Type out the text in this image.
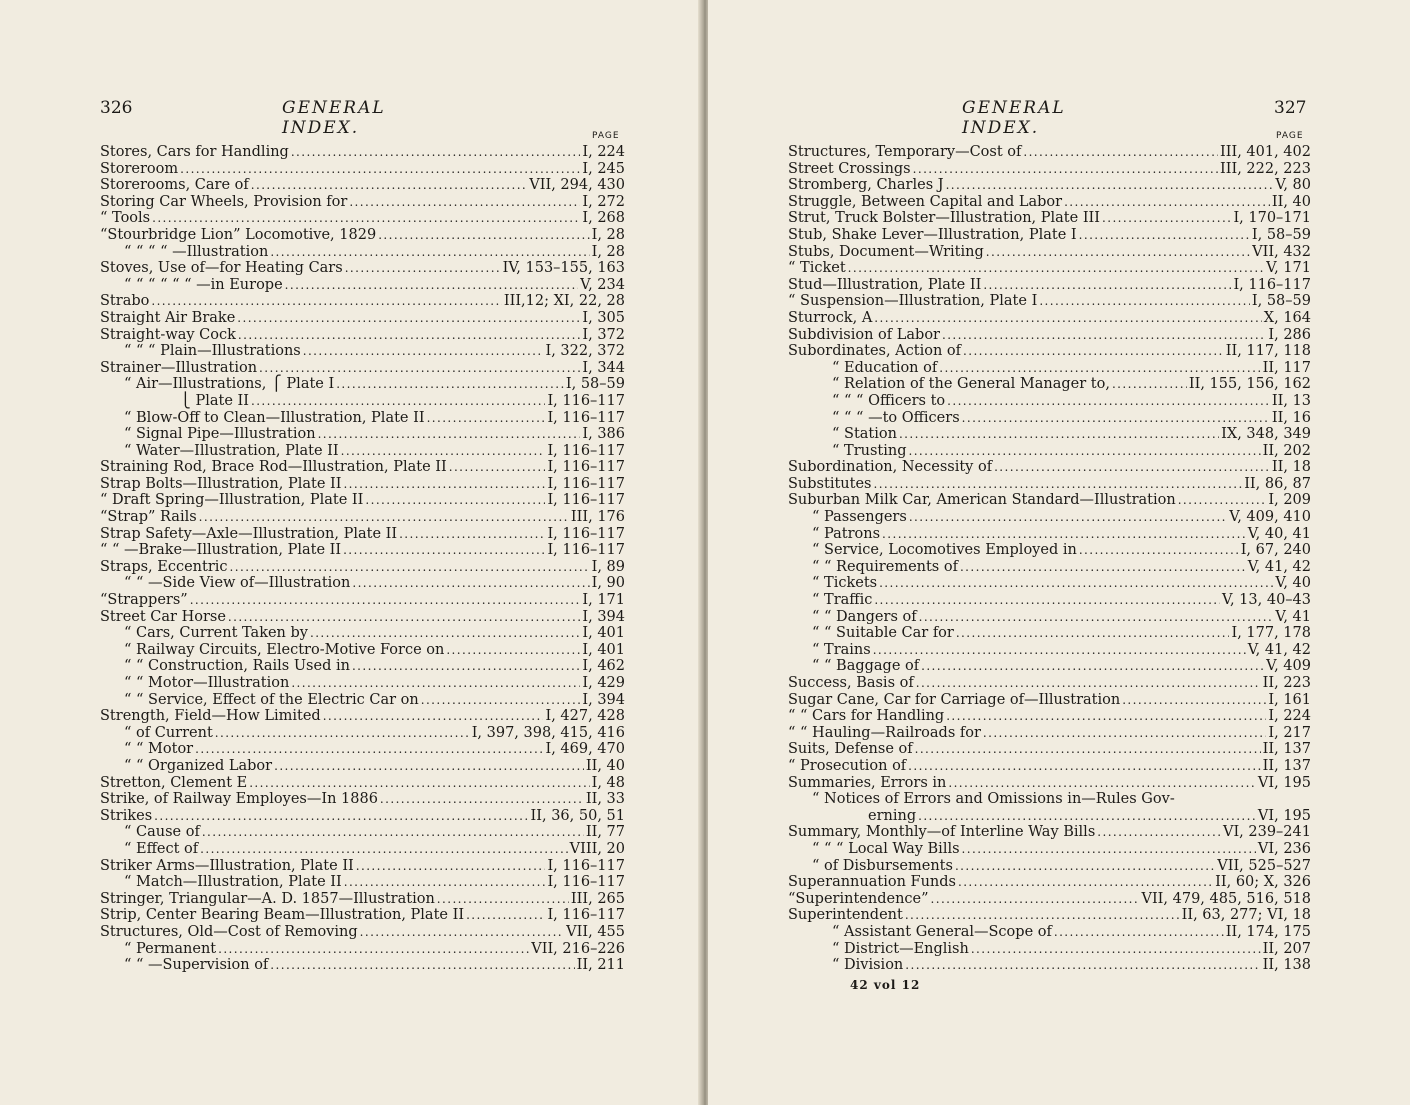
326	GENERAL INDEX.	PAGE
Stores, Cars for Handling .....	I, 224
Storeroom .....	I, 245
Storerooms, Care of .....	VII, 294, 430
Storing Car Wheels, Provision for .....	I, 272
“ Tools .....	I, 268
“Stourbridge Lion” Locomotive, 1829 .....	I, 28
“ “ “ “ —Illustration .....	I, 28
Stoves, Use of—for Heating Cars .....	IV, 153–155, 163
“ “ “ “ “ “ —in Europe .....	V, 234
Strabo .....	III,12; XI, 22, 28
Straight Air Brake .....	I, 305
Straight-way Cock .....	I, 372
“ “ “ Plain—Illustrations .....	I, 322, 372
Strainer—Illustration .....	I, 344
“ Air—Illustrations, ⎧ Plate I .....	I, 58–59
⎩ Plate II .....	I, 116–117
“ Blow-Off to Clean—Illustration, Plate II .....	I, 116–117
“ Signal Pipe—Illustration .....	I, 386
“ Water—Illustration, Plate II .....	I, 116–117
Straining Rod, Brace Rod—Illustration, Plate II .....	I, 116–117
Strap Bolts—Illustration, Plate II .....	I, 116–117
“ Draft Spring—Illustration, Plate II .....	I, 116–117
“Strap” Rails .....	III, 176
Strap Safety—Axle—Illustration, Plate II .....	I, 116–117
“ “ —Brake—Illustration, Plate II .....	I, 116–117
Straps, Eccentric .....	I, 89
“ “ —Side View of—Illustration .....	I, 90
“Strappers” .....	I, 171
Street Car Horse .....	I, 394
“ Cars, Current Taken by .....	I, 401
“ Railway Circuits, Electro-Motive Force on .....	I, 401
“ “ Construction, Rails Used in .....	I, 462
“ “ Motor—Illustration .....	I, 429
“ “ Service, Effect of the Electric Car on .....	I, 394
Strength, Field—How Limited .....	I, 427, 428
“ of Current .....	I, 397, 398, 415, 416
“ “ Motor .....	I, 469, 470
“ “ Organized Labor .....	II, 40
Stretton, Clement E .....	I, 48
Strike, of Railway Employes—In 1886 .....	II, 33
Strikes .....	II, 36, 50, 51
“ Cause of .....	II, 77
“ Effect of .....	VIII, 20
Striker Arms—Illustration, Plate II .....	I, 116–117
“ Match—Illustration, Plate II .....	I, 116–117
Stringer, Triangular—A. D. 1857—Illustration .....	III, 265
Strip, Center Bearing Beam—Illustration, Plate II .....	I, 116–117
Structures, Old—Cost of Removing .....	VII, 455
“ Permanent .....	VII, 216–226
“ “ —Supervision of .....	II, 211
GENERAL INDEX.
327
PAGE
Structures, Temporary—Cost of .....	III, 401, 402
Street Crossings .....	III, 222, 223
Stromberg, Charles J .....	V, 80
Struggle, Between Capital and Labor .....	II, 40
Strut, Truck Bolster—Illustration, Plate III .....	I, 170–171
Stub, Shake Lever—Illustration, Plate I .....	I, 58–59
Stubs, Document—Writing .....	VII, 432
“ Ticket .....	V, 171
Stud—Illustration, Plate II .....	I, 116–117
“ Suspension—Illustration, Plate I .....	I, 58–59
Sturrock, A .....	X, 164
Subdivision of Labor .....	I, 286
Subordinates, Action of .....	II, 117, 118
“ Education of .....	II, 117
“ Relation of the General Manager to, .....	II, 155, 156, 162
“ “ “ Officers to .....	II, 13
“ “ “ —to Officers .....	II, 16
“ Station .....	IX, 348, 349
“ Trusting .....	II, 202
Subordination, Necessity of .....	II, 18
Substitutes .....	II, 86, 87
Suburban Milk Car, American Standard—Illustration .....	I, 209
“ Passengers .....	V, 409, 410
“ Patrons .....	V, 40, 41
“ Service, Locomotives Employed in .....	I, 67, 240
“ “ Requirements of .....	V, 41, 42
“ Tickets .....	V, 40
“ Traffic .....	V, 13, 40–43
“ “ Dangers of .....	V, 41
“ “ Suitable Car for .....	I, 177, 178
“ Trains .....	V, 41, 42
“ “ Baggage of .....	V, 409
Success, Basis of .....	II, 223
Sugar Cane, Car for Carriage of—Illustration .....	I, 161
“ “ Cars for Handling .....	I, 224
“ “ Hauling—Railroads for .....	I, 217
Suits, Defense of .....	II, 137
“ Prosecution of .....	II, 137
Summaries, Errors in .....	VI, 195
“ Notices of Errors and Omissions in—Rules Gov-
erning .....	VI, 195
Summary, Monthly—of Interline Way Bills .....	VI, 239–241
“ “ “ Local Way Bills .....	VI, 236
“ of Disbursements .....	VII, 525–527
Superannuation Funds .....	II, 60; X, 326
“Superintendence” .....	VII, 479, 485, 516, 518
Superintendent .....	II, 63, 277; VI, 18
“ Assistant General—Scope of .....	II, 174, 175
“ District—English .....	II, 207
“ Division .....	II, 138
42 vol 12
